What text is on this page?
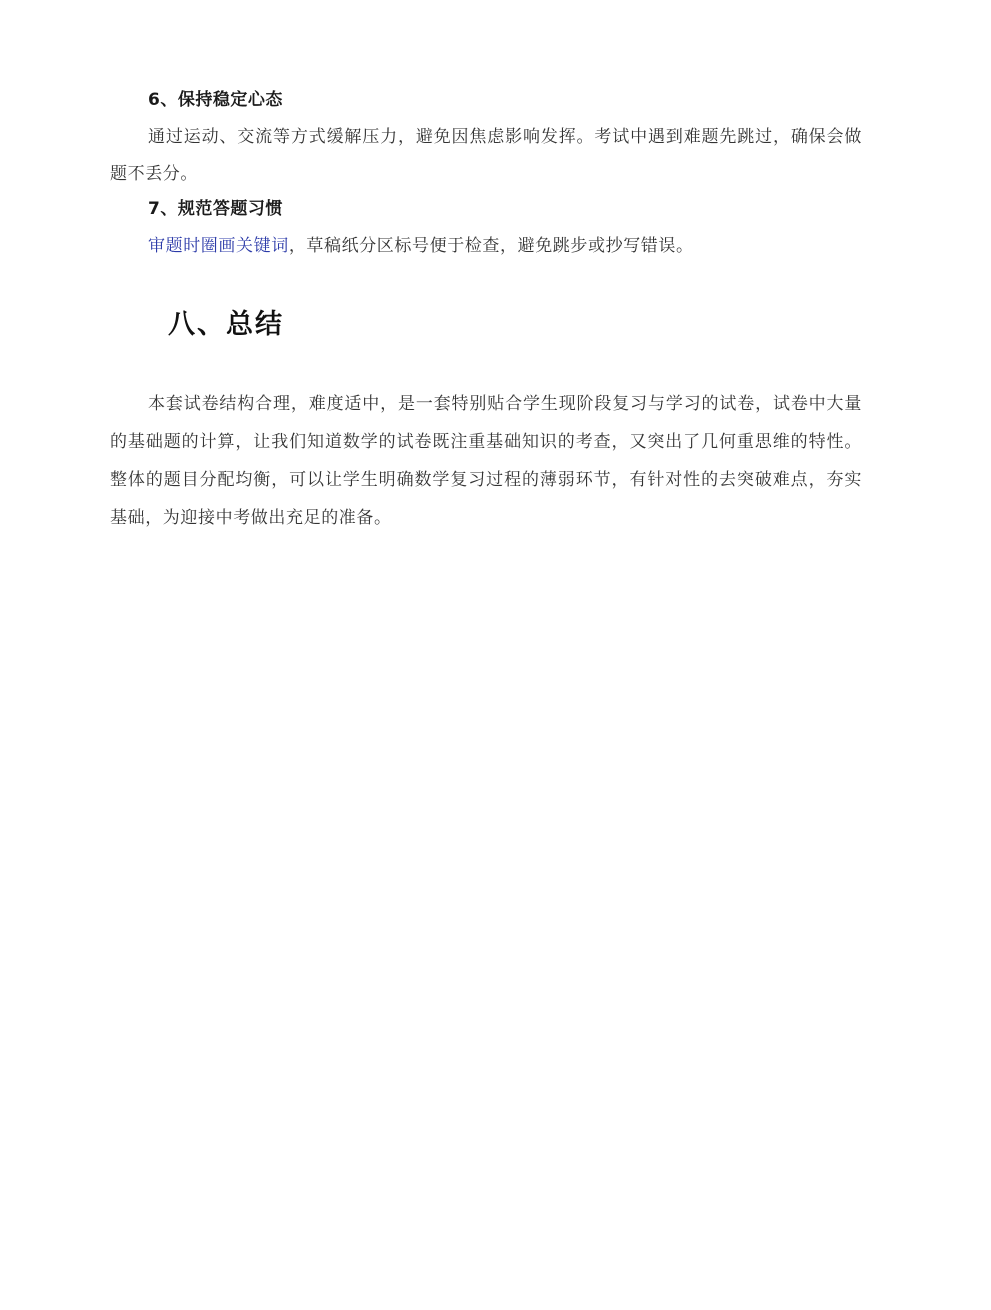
6、保持稳定心态

通过运动、交流等方式缓解压力，避免因焦虑影响发挥。考试中遇到难题先跳过，确保会做题不丢分。

7、规范答题习惯

审题时圈画关键词，草稿纸分区标号便于检查，避免跳步或抄写错误。

八、总结

本套试卷结构合理，难度适中，是一套特别贴合学生现阶段复习与学习的试卷，试卷中大量的基础题的计算，让我们知道数学的试卷既注重基础知识的考查，又突出了几何重思维的特性。整体的题目分配均衡，可以让学生明确数学复习过程的薄弱环节，有针对性的去突破难点，夯实基础，为迎接中考做出充足的准备。
